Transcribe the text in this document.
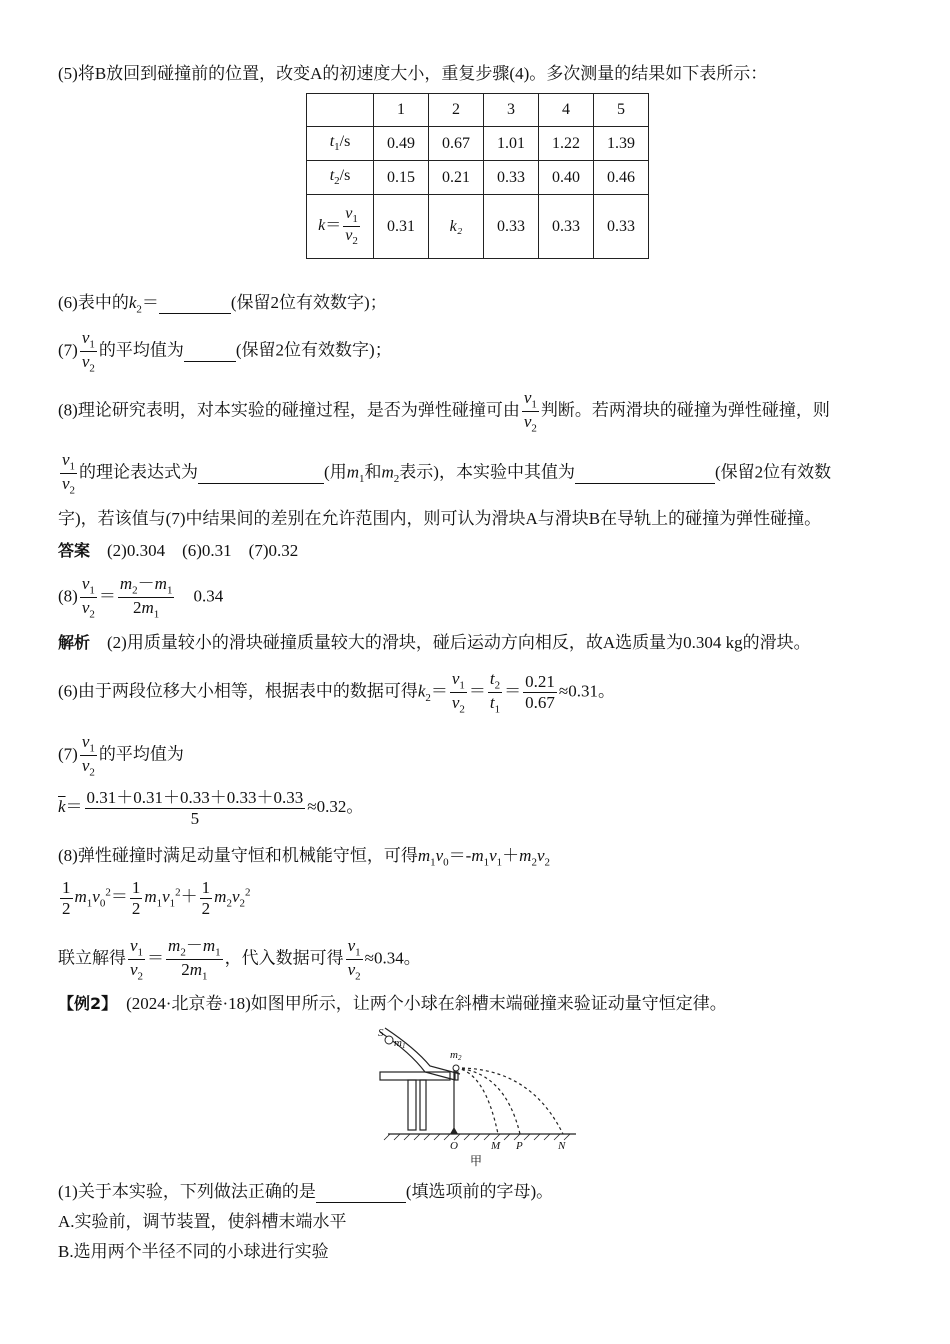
(5)将B放回到碰撞前的位置，改变A的初速度大小，重复步骤(4)。多次测量的结果如下表所示：
	1	2	3	4	5
$t_1/s$	0.49	0.67	1.01	1.22	1.39
$t_2/s$	0.15	0.21	0.33	0.40	0.46
$k= \frac{v_1}{v_2}$	0.31	k₂	0.33	0.33	0.33
(6)表中的$k_2=$	(保留2位有效数字)；
$(7) \frac{v_1}{v_2}$ 的平均值为	(保留2位有效数字)；
(8)理论研究表明，对本实验的碰撞过程，是否为弹性碰撞可由 $\frac{v_1}{v_2}$ 判断。若两滑块的碰撞为弹性碰撞，则
$\frac{v_1}{v_2}$ 的理论表达式为	(用$m_1$和$m_2$表示)，本实验中其值为	(保留2位有效数
字)，若该值与(7)中结果间的差别在允许范围内，则可认为滑块A与滑块B在导轨上的碰撞为弹性碰撞。
答案　 (2)0.304　(6)0.31　(7)0.32
$(8) \frac{v_1}{v_2} = \frac{m_2-m_1}{2m_1}$
　 0.34
解析　 (2)用质量较小的滑块碰撞质量较大的滑块，碰后运动方向相反，故A选质量为0.304 kg的滑块。
(6)由于两段位移大小相等，根据表中的数据可得$k_2= \frac{v_1}{v_2} = \frac{t_2}{t_1} = \frac{0.21}{0.67} \approx 0.31$。
$(7) \frac{v_1}{v_2}$ 的平均值为
$\overline{k}= \frac{0.31+0.31+0.33+0.33+0.33}{5} \approx 0.32$。
(8)弹性碰撞时满足动量守恒和机械能守恒，可得$m_1v_0=-m_1v_1+m_2v_2$
$\frac{1}{2} m_1v_0^2= \frac{1}{2} m_1v_1^2+ \frac{1}{2} m_2v_2^2$
联立解得 $\frac{v_1}{v_2} = \frac{m_2-m_1}{2m_1}$ ，代入数据可得 $\frac{v_1}{v_2} \approx 0.34$。
【例2】　 (2024·北京卷·18)如图甲所示，让两个小球在斜槽末端碰撞来验证动量守恒定律。
S
m1
m2
O	M P	N
甲
(1)关于本实验，下列做法正确的是	(填选项前的字母)。
A.实验前，调节装置，使斜槽末端水平
B.选用两个半径不同的小球进行实验
